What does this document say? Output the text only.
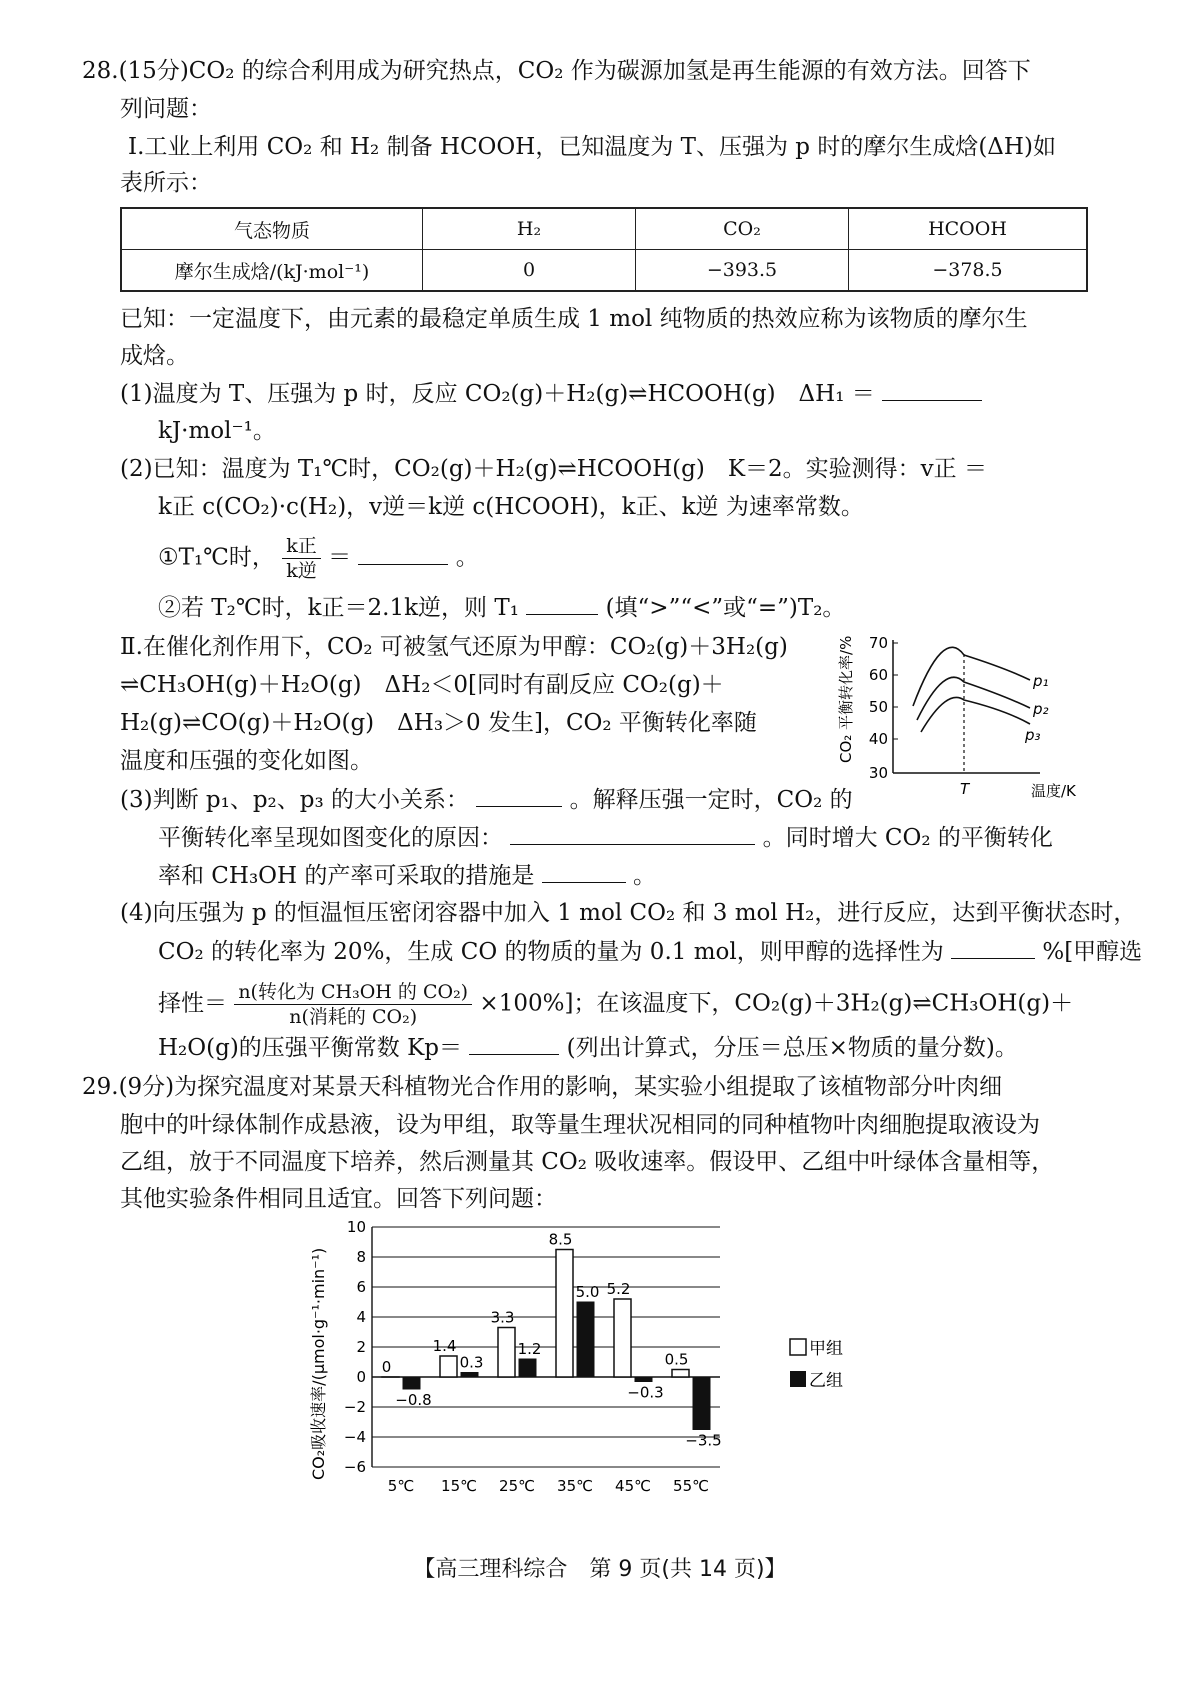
28.(15分)CO₂ 的综合利用成为研究热点，CO₂ 作为碳源加氢是再生能源的有效方法。回答下
列问题：
Ⅰ.工业上利用 CO₂ 和 H₂ 制备 HCOOH，已知温度为 T、压强为 p 时的摩尔生成焓(ΔH)如
表所示：
气态物质	H₂	CO₂	HCOOH
摩尔生成焓/(kJ·mol⁻¹)	0	−393.5	−378.5
已知：一定温度下，由元素的最稳定单质生成 1 mol 纯物质的热效应称为该物质的摩尔生
成焓。
(1)温度为 T、压强为 p 时，反应 CO₂(g)＋H₂(g)⇌HCOOH(g)　ΔH₁ ＝
kJ·mol⁻¹。
(2)已知：温度为 T₁℃时，CO₂(g)＋H₂(g)⇌HCOOH(g)　K＝2。实验测得：v正 ＝
k正 c(CO₂)·c(H₂)，v逆＝k逆 c(HCOOH)，k正、k逆 为速率常数。
①T₁℃时， $\frac{\text{k正}}{\text{k逆}}$ ＝	。
②若 T₂℃时，k正＝2.1k逆，则 T₁	(填“>”“<”或“=”)T₂。
Ⅱ.在催化剂作用下，CO₂ 可被氢气还原为甲醇：CO₂(g)＋3H₂(g)
⇌CH₃OH(g)＋H₂O(g)　ΔH₂＜0[同时有副反应 CO₂(g)＋
H₂(g)⇌CO(g)＋H₂O(g)　ΔH₃＞0 发生]，CO₂ 平衡转化率随
温度和压强的变化如图。	CO₂ 平衡转化率/% 70
60
50
40
30
p₁
p₂
p₃
T	温度/K
(3)判断 p₁、p₂、p₃ 的大小关系：	。解释压强一定时，CO₂ 的
平衡转化率呈现如图变化的原因：	。同时增大 CO₂ 的平衡转化
率和 CH₃OH 的产率可采取的措施是	。
(4)向压强为 p 的恒温恒压密闭容器中加入 1 mol CO₂ 和 3 mol H₂，进行反应，达到平衡状态时，
CO₂ 的转化率为 20%，生成 CO 的物质的量为 0.1 mol，则甲醇的选择性为	%[甲醇选
择性＝ $\frac{\text{n(转化为 CH₃OH 的 CO₂)}}{\text{n(消耗的 CO₂)}} \times 100\%$]；在该温度下，CO₂(g)＋3H₂(g)⇌CH₃OH(g)＋
H₂O(g)的压强平衡常数 Kp＝	(列出计算式，分压＝总压×物质的量分数)。
29.(9分)为探究温度对某景天科植物光合作用的影响，某实验小组提取了该植物部分叶肉细
胞中的叶绿体制作成悬液，设为甲组，取等量生理状况相同的同种植物叶肉细胞提取液设为
乙组，放于不同温度下培养，然后测量其 CO₂ 吸收速率。假设甲、乙组中叶绿体含量相等，
其他实验条件相同且适宜。回答下列问题：
CO₂吸收速率/(μmol·g⁻¹·min⁻¹)
10
8
6
4
2
0
−2
−4
−6
0
−0.8
1.4
0.3
3.3
1.2
8.5
5.0 5.2
−0.3
0.5
−3.5
5℃ 15℃ 25℃ 35℃ 45℃ 55℃
甲组
乙组
【高三理科综合　第 9 页(共 14 页)】
